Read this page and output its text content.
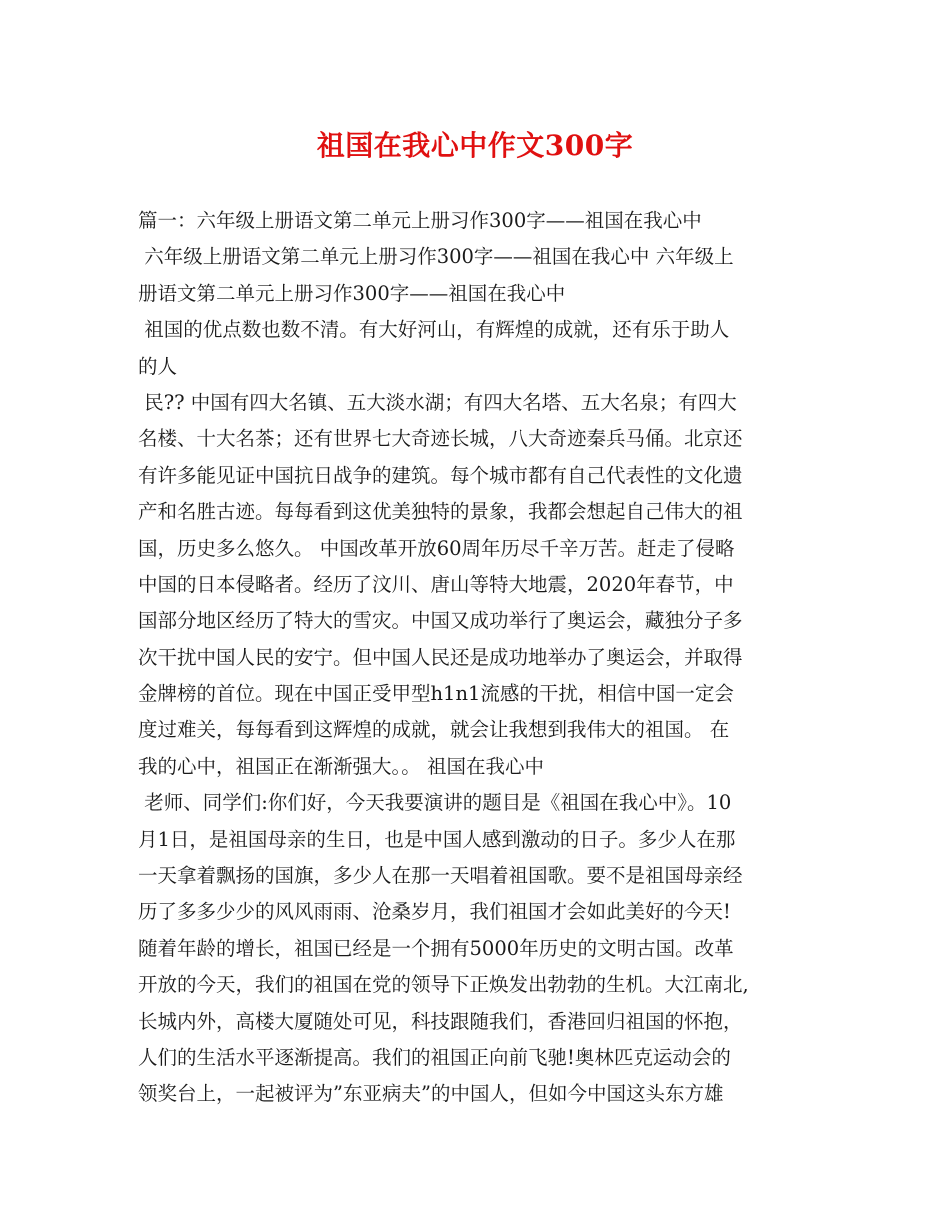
祖国在我心中作文300字
篇一：六年级上册语文第二单元上册习作300字——祖国在我心中
六年级上册语文第二单元上册习作300字——祖国在我心中 六年级上
册语文第二单元上册习作300字——祖国在我心中
祖国的优点数也数不清。有大好河山，有辉煌的成就，还有乐于助人
的人
民?? 中国有四大名镇、五大淡水湖；有四大名塔、五大名泉；有四大
名楼、十大名茶；还有世界七大奇迹长城，八大奇迹秦兵马俑。北京还
有许多能见证中国抗日战争的建筑。每个城市都有自己代表性的文化遗
产和名胜古迹。每每看到这优美独特的景象，我都会想起自己伟大的祖
国，历史多么悠久。 中国改革开放60周年历尽千辛万苦。赶走了侵略
中国的日本侵略者。经历了汶川、唐山等特大地震，2020年春节，中
国部分地区经历了特大的雪灾。中国又成功举行了奥运会，藏独分子多
次干扰中国人民的安宁。但中国人民还是成功地举办了奥运会，并取得
金牌榜的首位。现在中国正受甲型h1n1流感的干扰，相信中国一定会
度过难关，每每看到这辉煌的成就，就会让我想到我伟大的祖国。 在
我的心中，祖国正在渐渐强大。。 祖国在我心中
老师、同学们:你们好，今天我要演讲的题目是《祖国在我心中》。10
月1日，是祖国母亲的生日，也是中国人感到激动的日子。多少人在那
一天拿着飘扬的国旗，多少人在那一天唱着祖国歌。要不是祖国母亲经
历了多多少少的风风雨雨、沧桑岁月，我们祖国才会如此美好的今天!
随着年龄的增长，祖国已经是一个拥有5000年历史的文明古国。改革
开放的今天，我们的祖国在党的领导下正焕发出勃勃的生机。大江南北,
长城内外，高楼大厦随处可见，科技跟随我们，香港回归祖国的怀抱，
人们的生活水平逐渐提高。我们的祖国正向前飞驰!奥林匹克运动会的
领奖台上，一起被评为”东亚病夫”的中国人，但如今中国这头东方雄
